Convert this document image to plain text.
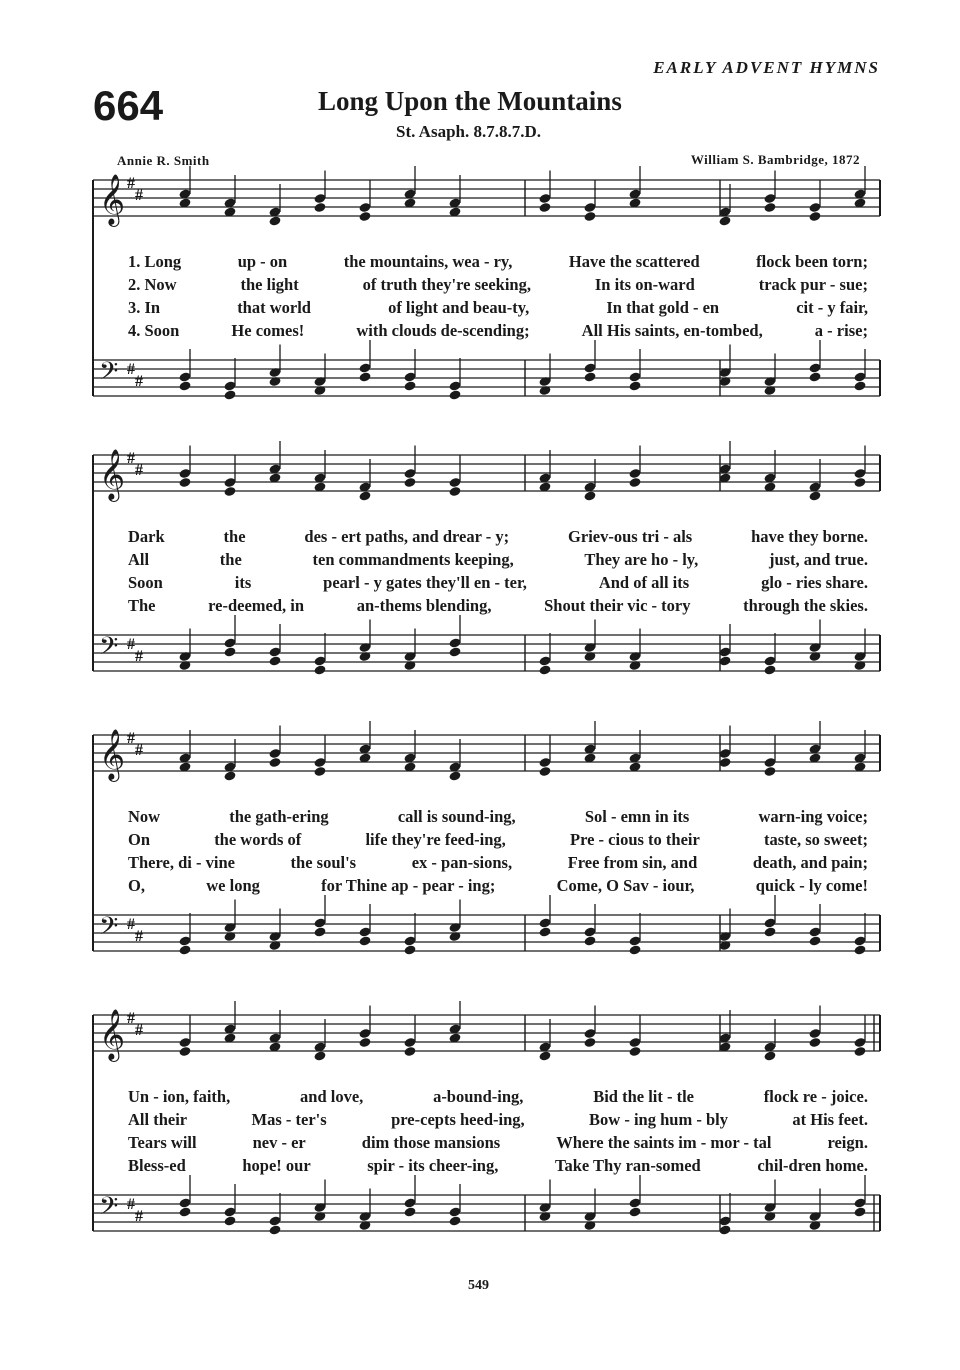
EARLY ADVENT HYMNS
664	Long Upon the Mountains
St. Asaph. 8.7.8.7.D.
Annie R. Smith	William S. Bambridge, 1872
𝄞 #
#
𝄢 #
#
1. Long	up - on	the mountains, wea - ry,	Have the scattered	flock been torn;
2. Now	the light	of truth they're seeking,	In its on-ward	track pur - sue;
3. In	that world	of light and beau-ty,	In that gold - en	cit - y fair,
4. Soon	He comes!	with clouds de-scending;	All His saints, en-tombed,	a - rise;
𝄞 #
#
𝄢 #
#
Dark	the	des - ert paths, and drear - y;	Griev-ous tri - als	have they borne.
All	the	ten commandments keeping,	They are ho - ly,	just, and true.
Soon	its	pearl - y gates they'll en - ter,	And of all its	glo - ries share.
The	re-deemed, in	an-thems blending,	Shout their vic - tory	through the skies.
𝄞 #
#
𝄢 #
#
Now	the gath-ering	call is sound-ing,	Sol - emn in its	warn-ing voice;
On	the words of	life they're feed-ing,	Pre - cious to their	taste, so sweet;
There, di - vine	the soul's	ex - pan-sions,	Free from sin, and	death, and pain;
O,	we long	for Thine ap - pear - ing;	Come, O Sav - iour,	quick - ly come!
𝄞 #
#
𝄢 #
#
Un - ion, faith,	and love,	a-bound-ing,	Bid the lit - tle	flock re - joice.
All their	Mas - ter's	pre-cepts heed-ing,	Bow - ing hum - bly	at His feet.
Tears will	nev - er	dim those mansions	Where the saints im - mor - tal	reign.
Bless-ed	hope! our	spir - its cheer-ing,	Take Thy ran-somed	chil-dren home.
549
